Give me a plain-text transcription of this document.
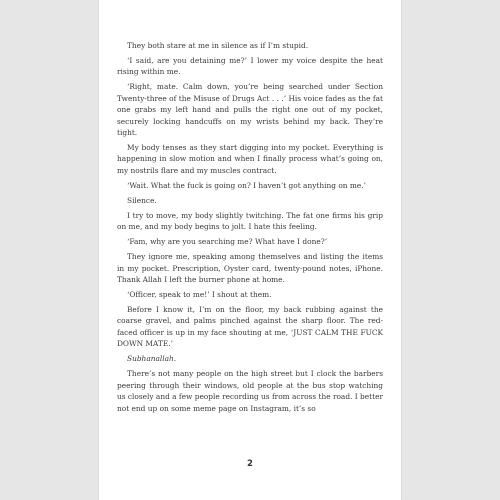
They both stare at me in silence as if I’m stupid.

‘I said, are you detaining me?’ I lower my voice despite the heat rising within me.

‘Right, mate. Calm down, you’re being searched under Section Twenty-three of the Misuse of Drugs Act . . .’ His voice fades as the fat one grabs my left hand and pulls the right one out of my pocket, securely locking handcuffs on my wrists behind my back. They’re tight.

My body tenses as they start digging into my pocket. Everything is happening in slow motion and when I finally process what’s going on, my nostrils flare and my muscles contract.

‘Wait. What the fuck is going on? I haven’t got anything on me.’

Silence.

I try to move, my body slightly twitching. The fat one firms his grip on me, and my body begins to jolt. I hate this feeling.

‘Fam, why are you searching me? What have I done?’

They ignore me, speaking among themselves and listing the items in my pocket. Prescription, Oyster card, twenty-pound notes, iPhone. Thank Allah I left the burner phone at home.

‘Officer, speak to me!’ I shout at them.

Before I know it, I’m on the floor, my back rubbing against the coarse gravel, and palms pinched against the sharp floor. The red-faced officer is up in my face shouting at me, ‘JUST CALM THE FUCK DOWN MATE.’

Subhanallah.

There’s not many people on the high street but I clock the barbers peering through their windows, old people at the bus stop watching us closely and a few people recording us from across the road. I better not end up on some meme page on Instagram, it’s so

2
